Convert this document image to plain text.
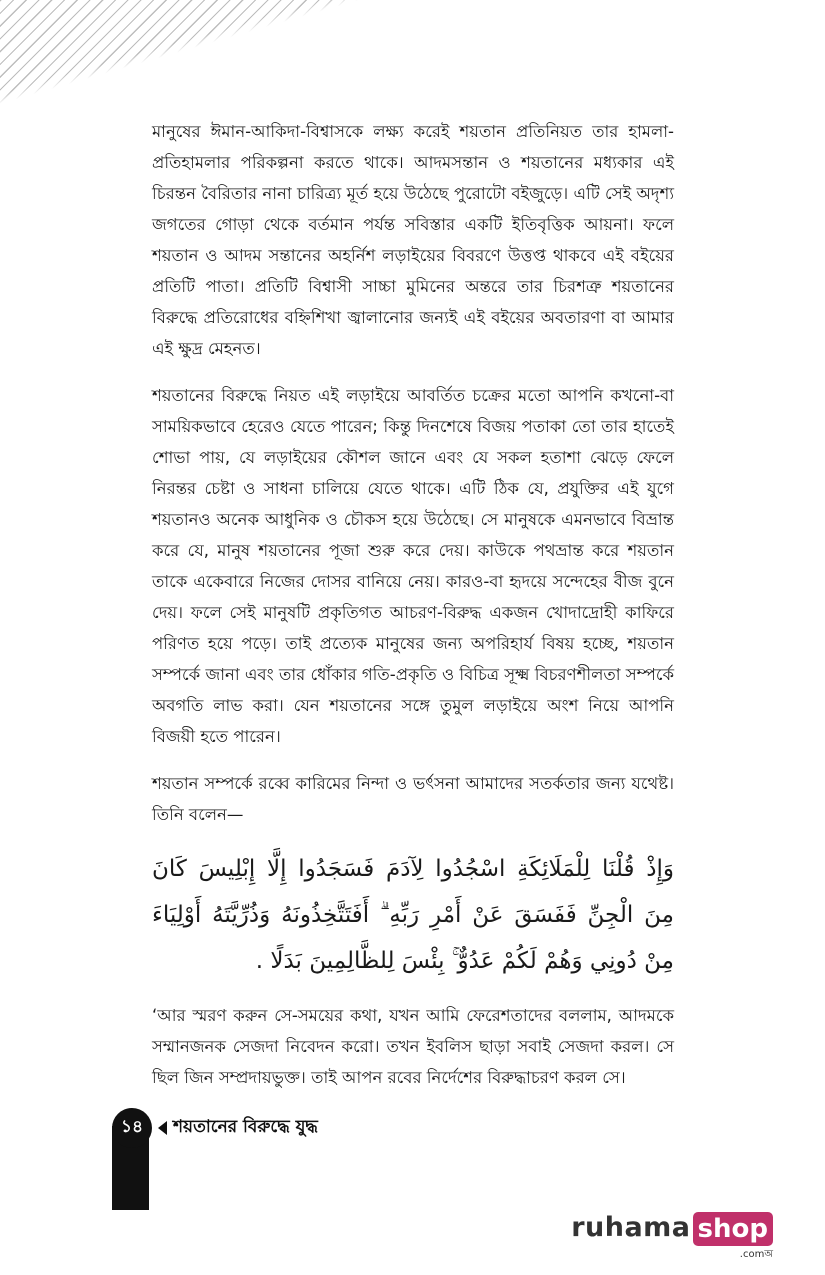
মানুষের ঈমান-আকিদা-বিশ্বাসকে লক্ষ্য করেই শয়তান প্রতিনিয়ত তার হামলা-প্রতিহামলার পরিকল্পনা করতে থাকে। আদমসন্তান ও শয়তানের মধ্যকার এই চিরন্তন বৈরিতার নানা চারিত্র্য মূর্ত হয়ে উঠেছে পুরোটো বইজুড়ে। এটি সেই অদৃশ্য জগতের গোড়া থেকে বর্তমান পর্যন্ত সবিস্তার একটি ইতিবৃত্তিক আয়না। ফলে শয়তান ও আদম সন্তানের অহর্নিশ লড়াইয়ের বিবরণে উত্তপ্ত থাকবে এই বইয়ের প্রতিটি পাতা। প্রতিটি বিশ্বাসী সাচ্চা মুমিনের অন্তরে তার চিরশত্রু শয়তানের বিরুদ্ধে প্রতিরোধের বহ্নিশিখা জ্বালানোর জন্যই এই বইয়ের অবতারণা বা আমার এই ক্ষুদ্র মেহনত।

শয়তানের বিরুদ্ধে নিয়ত এই লড়াইয়ে আবর্তিত চক্রের মতো আপনি কখনো-বা সাময়িকভাবে হেরেও যেতে পারেন; কিন্তু দিনশেষে বিজয় পতাকা তো তার হাতেই শোভা পায়, যে লড়াইয়ের কৌশল জানে এবং যে সকল হতাশা ঝেড়ে ফেলে নিরন্তর চেষ্টা ও সাধনা চালিয়ে যেতে থাকে। এটি ঠিক যে, প্রযুক্তির এই যুগে শয়তানও অনেক আধুনিক ও চৌকস হয়ে উঠেছে। সে মানুষকে এমনভাবে বিভ্রান্ত করে যে, মানুষ শয়তানের পূজা শুরু করে দেয়। কাউকে পথভ্রান্ত করে শয়তান তাকে একেবারে নিজের দোসর বানিয়ে নেয়। কারও-বা হৃদয়ে সন্দেহের বীজ বুনে দেয়। ফলে সেই মানুষটি প্রকৃতিগত আচরণ-বিরুদ্ধ একজন খোদাদ্রোহী কাফিরে পরিণত হয়ে পড়ে। তাই প্রত্যেক মানুষের জন্য অপরিহার্য বিষয় হচ্ছে, শয়তান সম্পর্কে জানা এবং তার ধোঁকার গতি-প্রকৃতি ও বিচিত্র সূক্ষ্ম বিচরণশীলতা সম্পর্কে অবগতি লাভ করা। যেন শয়তানের সঙ্গে তুমুল লড়াইয়ে অংশ নিয়ে আপনি বিজয়ী হতে পারেন।

শয়তান সম্পর্কে রব্বে কারিমের নিন্দা ও ভর্ৎসনা আমাদের সতর্কতার জন্য যথেষ্ট। তিনি বলেন—

وَإِذْ قُلْنَا لِلْمَلَائِكَةِ اسْجُدُوا لِآدَمَ فَسَجَدُوا إِلَّا إِبْلِيسَ كَانَ مِنَ الْجِنِّ فَفَسَقَ عَنْ أَمْرِ رَبِّهِ ۗ أَفَتَتَّخِذُونَهُ وَذُرِّيَّتَهُ أَوْلِيَاءَ مِنْ دُونِي وَهُمْ لَكُمْ عَدُوٌّ ۚ بِئْسَ لِلظَّالِمِينَ بَدَلًا .

‘আর স্মরণ করুন সে-সময়ের কথা, যখন আমি ফেরেশতাদের বললাম, আদমকে সম্মানজনক সেজদা নিবেদন করো। তখন ইবলিস ছাড়া সবাই সেজদা করল। সে ছিল জিন সম্প্রদায়ভুক্ত। তাই আপন রবের নির্দেশের বিরুদ্ধাচরণ করল সে।

১৪	শয়তানের বিরুদ্ধে যুদ্ধ
ruhama shop
.comঅ
